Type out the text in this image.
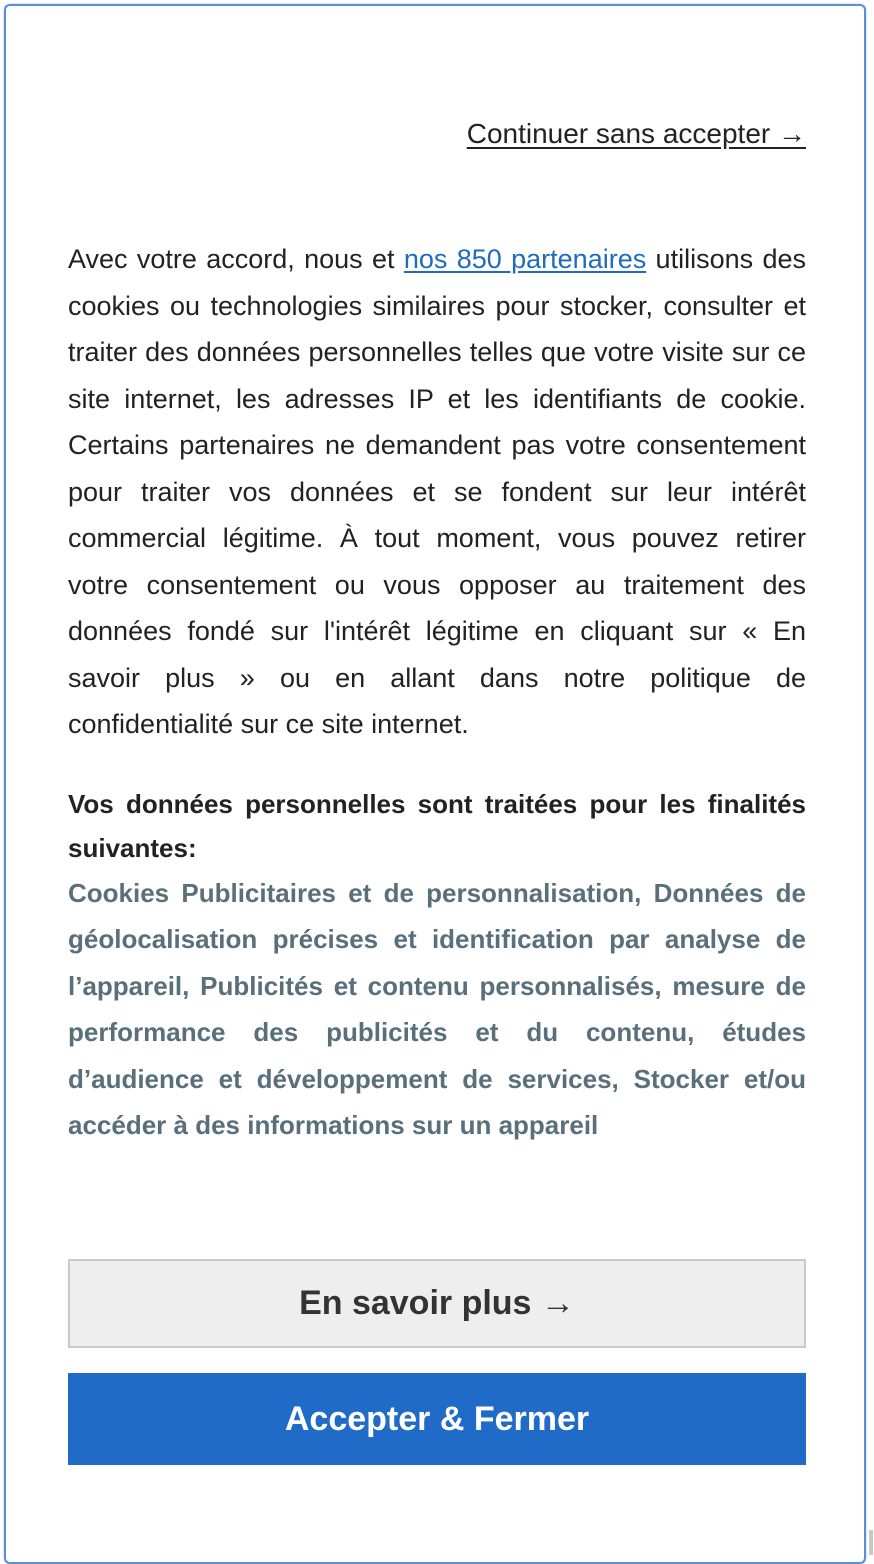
Continuer sans accepter →

Avec votre accord, nous et nos 850 partenaires utilisons des cookies ou technologies similaires pour stocker, consulter et traiter des données personnelles telles que votre visite sur ce site internet, les adresses IP et les identifiants de cookie. Certains partenaires ne demandent pas votre consentement pour traiter vos données et se fondent sur leur intérêt commercial légitime. À tout moment, vous pouvez retirer votre consentement ou vous opposer au traitement des données fondé sur l'intérêt légitime en cliquant sur « En savoir plus » ou en allant dans notre politique de confidentialité sur ce site internet.

Vos données personnelles sont traitées pour les finalités suivantes:

Cookies Publicitaires et de personnalisation, Données de géolocalisation précises et identification par analyse de l’appareil, Publicités et contenu personnalisés, mesure de performance des publicités et du contenu, études d’audience et développement de services, Stocker et/ou accéder à des informations sur un appareil

En savoir plus →
Accepter & Fermer
